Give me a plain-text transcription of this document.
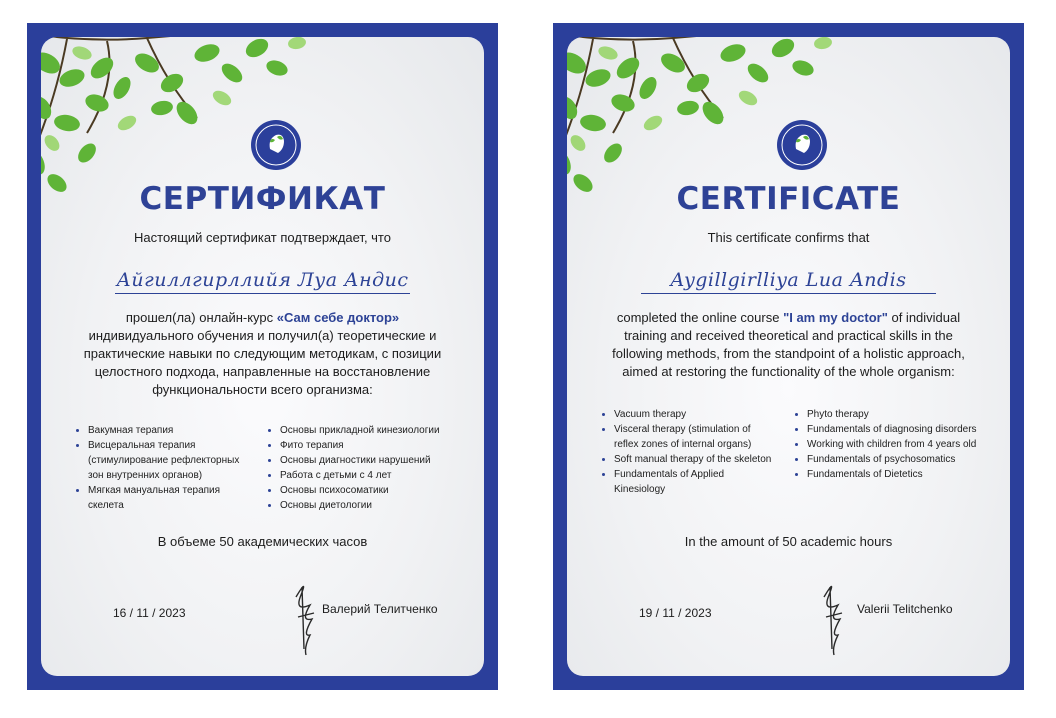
СЕРТИФИКАТ
Настоящий сертификат подтверждает, что
Айгиллгирллийя Луа Андис
прошел(ла) онлайн-курс «Сам себе доктор» индивидуального обучения и получил(а) теоретические и практические навыки по следующим методикам, с позиции целостного подхода, направленные на восстановление функциональности всего организма:
• Вакумная терапия
• Висцеральная терапия (стимулирование рефлекторных зон внутренних органов)
• Мягкая мануальная терапия скелета
• Основы прикладной кинезиологии
• Фито терапия
• Основы диагностики нарушений
• Работа с детьми с 4 лет
• Основы психосоматики
• Основы диетологии
В объеме 50 академических часов
16 / 11 / 2023	Валерий Телитченко
CERTIFICATE
This certificate confirms that
Aygillgirlliya Lua Andis
completed the online course "I am my doctor" of individual training and received theoretical and practical skills in the following methods, from the standpoint of a holistic approach, aimed at restoring the functionality of the whole organism:
• Vacuum therapy
• Visceral therapy (stimulation of reflex zones of internal organs)
• Soft manual therapy of the skeleton
• Fundamentals of Applied Kinesiology
• Phyto therapy
• Fundamentals of diagnosing disorders
• Working with children from 4 years old
• Fundamentals of psychosomatics
• Fundamentals of Dietetics
In the amount of 50 academic hours
19 / 11 / 2023	Valerii Telitchenko
